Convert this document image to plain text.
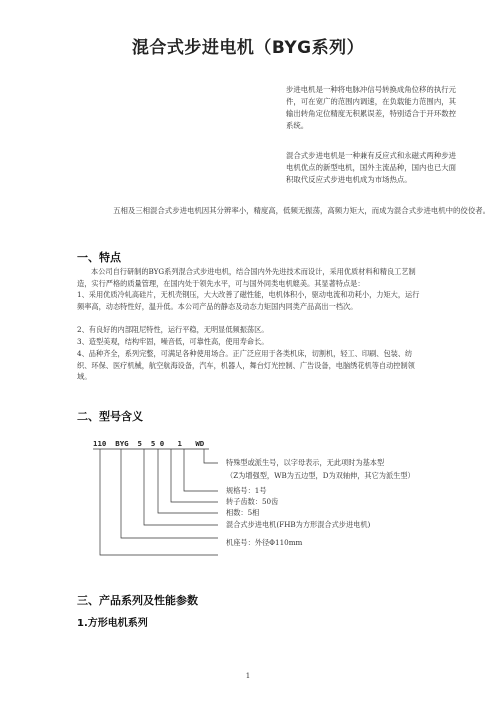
混合式步进电机（BYG系列）

步进电机是一种将电脉冲信号转换成角位移的执行元件，可在宽广的范围内调速，在负载能力范围内，其输出转角定位精度无积累误差，特别适合于开环数控系统。

混合式步进电机是一种兼有反应式和永磁式两种步进电机优点的新型电机，国外主流品种，国内也已大面积取代反应式步进电机成为市场热点。

五相及三相混合式步进电机因其分辨率小，精度高，低频无振荡，高频力矩大，而成为混合式步进电机中的佼佼者。

一、特点

本公司自行研制的BYG系列混合式步进电机，结合国内外先进技术而设计，采用优质材料和精良工艺制造，实行严格的质量管理，在国内处于领先水平，可与国外同类电机媲美。其显著特点是：

1、采用优质冷轧高硅片，无机壳钢压，大大改善了磁性能，电机体积小，驱动电流和功耗小，力矩大，运行频率高，动态特性好，温升低。本公司产品的静态及动态力矩国内同类产品高出一档次。

2、有良好的内部阻尼特性，运行平稳，无明显低频振荡区。

3、造型美观，结构牢固，噪音低，可靠性高，使用寿命长。

4、品种齐全，系列完整，可满足各种使用场合。正广泛应用于各类机床，切割机，轻工、印刷、包装、纺织、环保、医疗机械，航空航海设备，汽车，机器人，舞台灯光控制、广告设备，电脑绣花机等自动控制领域。

二、型号含义
110  BYG  5  5 0   1   WD

特殊型或派生号，以字母表示，无此项时为基本型

（Z为增强型，WB为五边型，D为双轴伸，其它为派生型）

规格号：1号

转子齿数：50齿

相数：5相

混合式步进电机(FHB为方形混合式步进电机)

机座号：外径Φ110mm

三、产品系列及性能参数
1.方形电机系列
1
